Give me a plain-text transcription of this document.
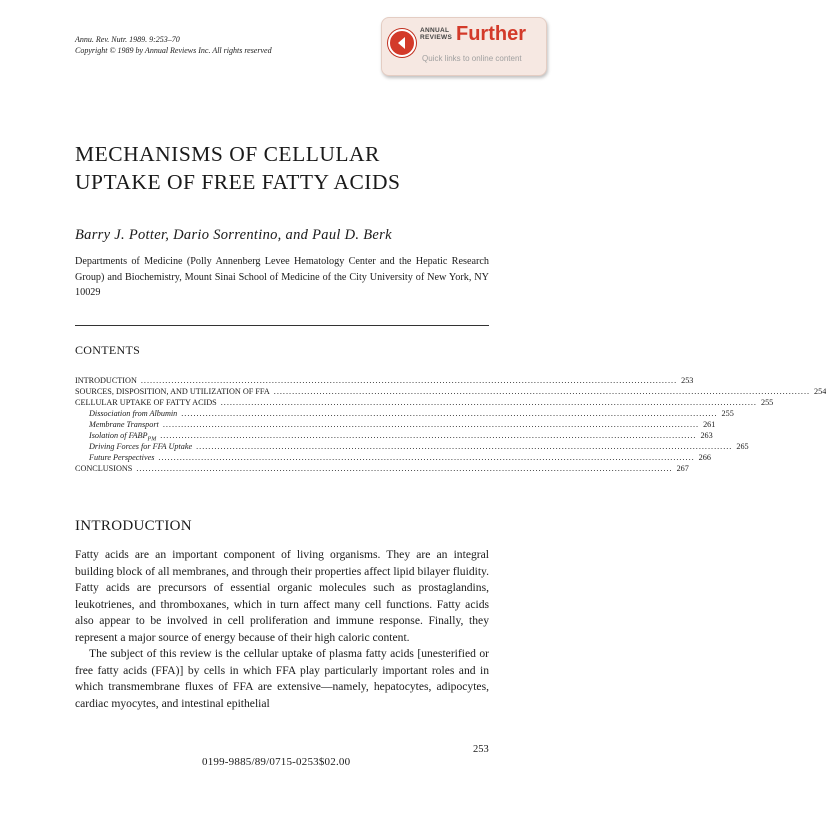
Annu. Rev. Nutr. 1989. 9:253–70
Copyright © 1989 by Annual Reviews Inc. All rights reserved
ANNUAL
REVIEWS Further
Quick links to online content
MECHANISMS OF CELLULAR
UPTAKE OF FREE FATTY ACIDS
Barry J. Potter, Dario Sorrentino, and Paul D. Berk
Departments of Medicine (Polly Annenberg Levee Hematology Center and the Hepatic Research Group) and Biochemistry, Mount Sinai School of Medicine of the City University of New York, NY 10029
CONTENTS
INTRODUCTION ................................................................................................................................................................................ 253
SOURCES, DISPOSITION, AND UTILIZATION OF FFA ................................................................................................................................................................................ 254
CELLULAR UPTAKE OF FATTY ACIDS ................................................................................................................................................................................ 255
Dissociation from Albumin ................................................................................................................................................................................ 255
Membrane Transport ................................................................................................................................................................................ 261
Isolation of $FABP_{PM}$ ................................................................................................................................................................................ 263
Driving Forces for FFA Uptake ................................................................................................................................................................................ 265
Future Perspectives ................................................................................................................................................................................ 266
CONCLUSIONS ................................................................................................................................................................................ 267
INTRODUCTION

Fatty acids are an important component of living organisms. They are an integral building block of all membranes, and through their properties affect lipid bilayer fluidity. Fatty acids are precursors of essential organic molecules such as prostaglandins, leukotrienes, and thromboxanes, which in turn affect many cell functions. Fatty acids also appear to be involved in cell proliferation and immune response. Finally, they represent a major source of energy because of their high caloric content.

The subject of this review is the cellular uptake of plasma fatty acids [unesterified or free fatty acids (FFA)] by cells in which FFA play particularly important roles and in which transmembrane fluxes of FFA are extensive—namely, hepatocytes, adipocytes, cardiac myocytes, and intestinal epithelial

253
0199-9885/89/0715-0253$02.00
